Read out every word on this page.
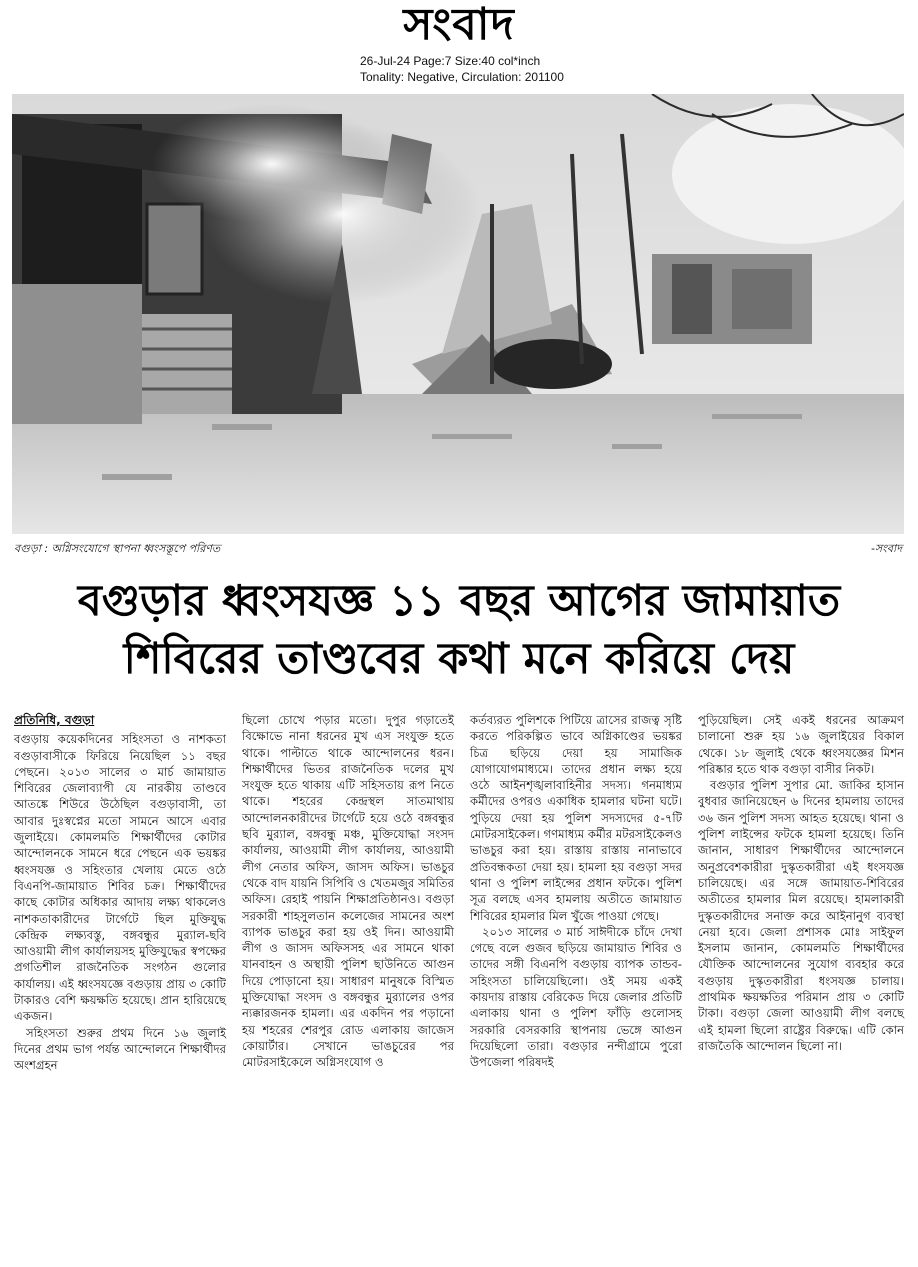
সংবাদ
26-Jul-24 Page:7 Size:40 col*inch
Tonality: Negative, Circulation: 201100
বগুড়া : অগ্নিসংযোগে স্থাপনা ধ্বংসস্তূপে পরিণত	-সংবাদ
বগুড়ার ধ্বংসযজ্ঞ ১১ বছর আগের জামায়াত
শিবিরের তাণ্ডবের কথা মনে করিয়ে দেয়
প্রতিনিধি, বগুড়া

বগুড়ায় কয়েকদিনের সহিংসতা ও নাশকতা বগুড়াবাসীকে ফিরিয়ে নিয়েছিল ১১ বছর পেছনে। ২০১৩ সালের ৩ মার্চ জামায়াত শিবিরের জেলাব্যাপী যে নারকীয় তাণ্ডবে আতঙ্কে শিউরে উঠেছিল বগুড়াবাসী, তা আবার দুঃস্বপ্নের মতো সামনে আসে এবার জুলাইয়ে। কোমলমতি শিক্ষার্থীদের কোটার আন্দোলনকে সামনে ধরে পেছনে এক ভয়ঙ্কর ধ্বংসযজ্ঞ ও সহিংতার খেলায় মেতে ওঠে বিএনপি-জামায়াত শিবির চক্র। শিক্ষার্থীদের কাছে কোটার অধিকার আদায় লক্ষ্য থাকলেও নাশকতাকারীদের টার্গেটে ছিল মুক্তিযুদ্ধ কেন্দ্রিক লক্ষ্যবস্তু, বঙ্গবন্ধুর মুর‌্যাল-ছবি আওয়ামী লীগ কার্যালয়সহ মুক্তিযুদ্ধের স্বপক্ষের প্রগতিশীল রাজনৈতিক সংগঠন গুলোর কার্যালয়। এই ধ্বংসযজ্ঞে বগুড়ায় প্রায় ৩ কোটি টাকারও বেশি ক্ষয়ক্ষতি হয়েছে। প্রান হারিয়েছে একজন।

সহিংসতা শুরুর প্রথম দিনে ১৬ জুলাই দিনের প্রথম ভাগ পর্যন্ত আন্দোলনে শিক্ষার্থীদর অংশগ্রহন

ছিলো চোখে পড়ার মতো। দুপুর গড়াতেই বিক্ষোভে নানা ধরনের মুখ এস সংযুক্ত হতে থাকে। পাল্টাতে থাকে আন্দোলনের ধরন। শিক্ষার্থীদের ভিতর রাজনৈতিক দলের মুখ সংযুক্ত হতে থাকায় এটি সহিসতায় রূপ নিতে থাকে। শহরের কেন্দ্রস্থল সাতমাথায় আন্দোলনকারীদের টার্গেটে হয়ে ওঠে বঙ্গবন্ধুর ছবি মুর‌্যাল, বঙ্গবন্ধু মঞ্চ, মুক্তিযোদ্ধা সংসদ কার্যালয়, আওয়ামী লীগ কার্যালয়, আওয়ামী লীগ নেতার অফিস, জাসদ অফিস। ভাঙচুর থেকে বাদ যায়নি সিপিবি ও খেতমজুর সমিতির অফিস। রেহাই পায়নি শিক্ষাপ্রতিষ্ঠানও। বগুড়া সরকারী শাহসুলতান কলেজের সামনের অংশ ব্যাপক ভাঙচুর করা হয় ওই দিন। আওয়ামী লীগ ও জাসদ অফিসসহ এর সামনে থাকা যানবাহন ও অস্থায়ী পুলিশ ছাউনিতে আগুন দিয়ে পোড়ানো হয়। সাধারণ মানুষকে বিস্মিত মুক্তিযোদ্ধা সংসদ ও বঙ্গবন্ধুর মুর‌্যালের ওপর ন্যক্কারজনক হামলা। এর একদিন পর পড়ানো হয় শহরের শেরপুর রোড এলাকায় জাজেস কোয়ার্টার। সেখানে ভাঙচুরের পর মোটরসাইকেলে অগ্নিসংযোগ ও

কর্তব্যরত পুলিশকে পিটিয়ে ত্রাসের রাজত্ব সৃষ্টি করতে পরিকল্পিত ভাবে অগ্নিকাণ্ডের ভয়ঙ্কর চিত্র ছড়িয়ে দেয়া হয় সামাজিক যোগাযোগমাধ্যমে। তাদের প্রধান লক্ষ্য হয়ে ওঠে আইনশৃঙ্খলাবাহিনীর সদস্য। গনমাধ্যম কর্মীদের ওপরও একাধিক হামলার ঘটনা ঘটে। পুড়িয়ে দেয়া হয় পুলিশ সদস্যদের ৫-৭টি মোটরসাইকেল। গণমাধ্যম কর্মীর মটরসাইকেলও ভাঙচুর করা হয়। রাস্তায় রাস্তায় নানাভাবে প্রতিবন্ধকতা দেয়া হয়। হামলা হয় বগুড়া সদর থানা ও পুলিশ লাইন্সের প্রধান ফটকে। পুলিশ সূত্র বলছে এসব হামলায় অতীতে জামায়াত শিবিরের হামলার মিল খুঁজে পাওয়া গেছে।

২০১৩ সালের ৩ মার্চ সাঈদীকে চাঁদে দেখা গেছে বলে গুজব ছড়িয়ে জামায়াত শিবির ও তাদের সঙ্গী বিএনপি বগুড়ায় ব্যাপক তান্ডব-সহিংসতা চালিয়েছিলো। ওই সময় একই কায়দায় রাস্তায় বেরিকেড দিয়ে জেলার প্রতিটি এলাকায় থানা ও পুলিশ ফাঁড়ি গুলোসহ সরকারি বেসরকারি স্থাপনায় ভেঙ্গে আগুন দিয়েছিলো তারা। বগুড়ার নন্দীগ্রামে পুরো উপজেলা পরিষদই

পুড়িয়েছিল। সেই একই ধরনের আক্রমণ চালানো শুরু হয় ১৬ জুলাইয়ের বিকাল থেকে। ১৮ জুলাই থেকে ধ্বংসযজ্ঞের মিশন পরিষ্কার হতে থাক বগুড়া বাসীর নিকট।

বগুড়ার পুলিশ সুপার মো. জাকির হাসান বুধবার জানিয়েছেন ৬ দিনের হামলায় তাদের ৩৬ জন পুলিশ সদস্য আহত হয়েছে। থানা ও পুলিশ লাইন্সের ফটকে হামলা হয়েছে। তিনি জানান, সাধারণ শিক্ষার্থীদের আন্দোলনে অনুপ্রবেশকারীরা দুস্কৃতকারীরা এই ধংসযজ্ঞ চালিয়েছে। এর সঙ্গে জামায়াত-শিবিরের অতীতের হামলার মিল রয়েছে। হামলাকারী দুস্কৃতকারীদের সনাক্ত করে আইনানুগ ব্যবস্থা নেয়া হবে। জেলা প্রশাসক মোঃ সাইফুল ইসলাম জানান, কোমলমতি শিক্ষার্থীদের যৌক্তিক আন্দোলনের সুযোগ ব্যবহার করে বগুড়ায় দুস্কৃতকারীরা ধংসযজ্ঞ চালায়। প্রাথমিক ক্ষয়ক্ষতির পরিমান প্রায় ৩ কোটি টাকা। বগুড়া জেলা আওয়ামী লীগ বলছে এই হামলা ছিলো রাষ্ট্রের বিরুদ্ধে। এটি কোন রাজতৈকি আন্দোলন ছিলো না।
